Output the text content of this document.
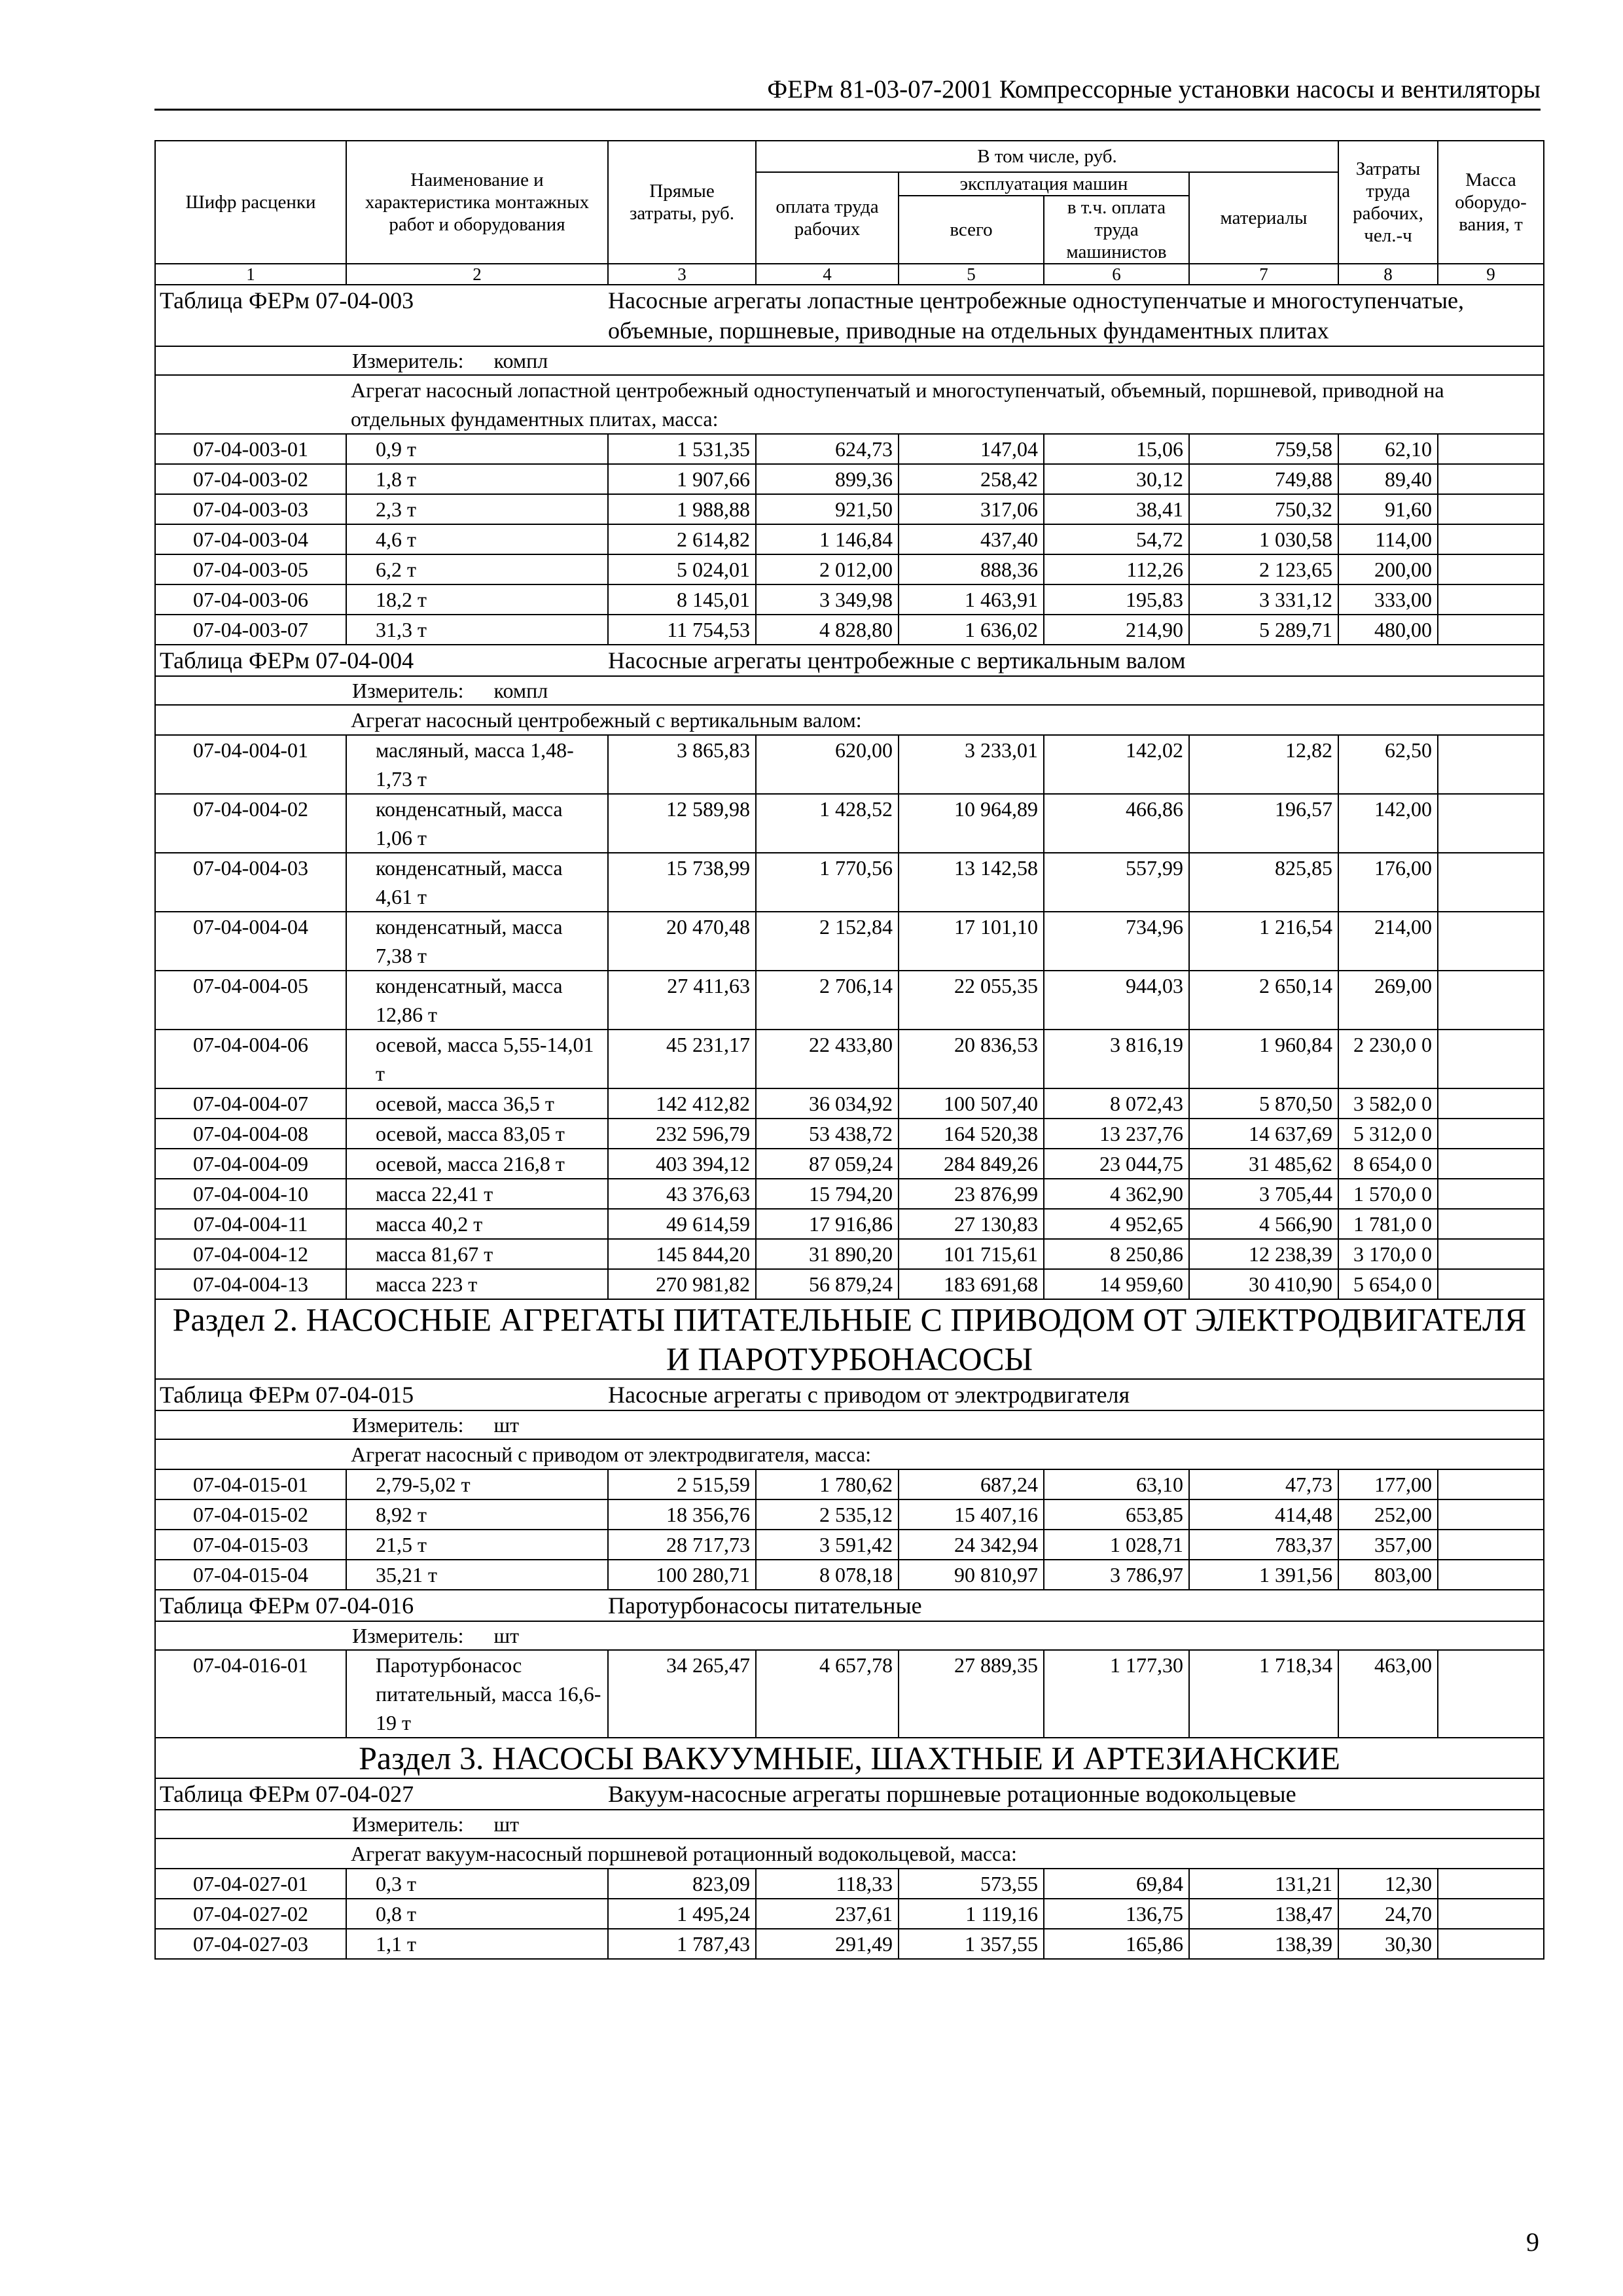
ФЕРм 81-03-07-2001 Компрессорные установки насосы и вентиляторы
Шифр расценки	Наименование и характеристика монтажных работ и оборудования	Прямые затраты, руб.	В том числе, руб.				Затраты труда рабочих, чел.-ч	Масса оборудо-вания, т
			оплата труда рабочих	эксплуатация машин		материалы		
				всего	в т.ч. оплата труда машинистов			

1	2	3	4	5	6	7	8	9
Таблица ФЕРм 07-04-003		Насосные агрегаты лопастные центробежные одноступенчатые и многоступенчатые, объемные, поршневые, приводные на отдельных фундаментных плитах						
Измеритель: компл								
Агрегат насосный лопастной центробежный одноступенчатый и многоступенчатый, объемный, поршневой, приводной на отдельных фундаментных плитах, масса:								
07-04-003-01	0,9 т	1 531,35	624,73	147,04	15,06	759,58	62,10	
07-04-003-02	1,8 т	1 907,66	899,36	258,42	30,12	749,88	89,40	
07-04-003-03	2,3 т	1 988,88	921,50	317,06	38,41	750,32	91,60	
07-04-003-04	4,6 т	2 614,82	1 146,84	437,40	54,72	1 030,58	114,00	
07-04-003-05	6,2 т	5 024,01	2 012,00	888,36	112,26	2 123,65	200,00	
07-04-003-06	18,2 т	8 145,01	3 349,98	1 463,91	195,83	3 331,12	333,00	
07-04-003-07	31,3 т	11 754,53	4 828,80	1 636,02	214,90	5 289,71	480,00	
Таблица ФЕРм 07-04-004		Насосные агрегаты центробежные с вертикальным валом						
Измеритель: компл								
Агрегат насосный центробежный с вертикальным валом:								
07-04-004-01	масляный, масса 1,48-1,73 т	3 865,83	620,00	3 233,01	142,02	12,82	62,50	
07-04-004-02	конденсатный, масса 1,06 т	12 589,98	1 428,52	10 964,89	466,86	196,57	142,00	
07-04-004-03	конденсатный, масса 4,61 т	15 738,99	1 770,56	13 142,58	557,99	825,85	176,00	
07-04-004-04	конденсатный, масса 7,38 т	20 470,48	2 152,84	17 101,10	734,96	1 216,54	214,00	
07-04-004-05	конденсатный, масса 12,86 т	27 411,63	2 706,14	22 055,35	944,03	2 650,14	269,00	
07-04-004-06	осевой, масса 5,55-14,01 т	45 231,17	22 433,80	20 836,53	3 816,19	1 960,84	2 230,0 0	
07-04-004-07	осевой, масса 36,5 т	142 412,82	36 034,92	100 507,40	8 072,43	5 870,50	3 582,0 0	
07-04-004-08	осевой, масса 83,05 т	232 596,79	53 438,72	164 520,38	13 237,76	14 637,69	5 312,0 0	
07-04-004-09	осевой, масса 216,8 т	403 394,12	87 059,24	284 849,26	23 044,75	31 485,62	8 654,0 0	
07-04-004-10	масса 22,41 т	43 376,63	15 794,20	23 876,99	4 362,90	3 705,44	1 570,0 0	
07-04-004-11	масса 40,2 т	49 614,59	17 916,86	27 130,83	4 952,65	4 566,90	1 781,0 0	
07-04-004-12	масса 81,67 т	145 844,20	31 890,20	101 715,61	8 250,86	12 238,39	3 170,0 0	
07-04-004-13	масса 223 т	270 981,82	56 879,24	183 691,68	14 959,60	30 410,90	5 654,0 0	
Раздел 2. НАСОСНЫЕ АГРЕГАТЫ ПИТАТЕЛЬНЫЕ С ПРИВОДОМ ОТ ЭЛЕКТРОДВИГАТЕЛЯ И ПАРОТУРБОНАСОСЫ								
Таблица ФЕРм 07-04-015		Насосные агрегаты с приводом от электродвигателя						
Измеритель: шт								
Агрегат насосный с приводом от электродвигателя, масса:								
07-04-015-01	2,79-5,02 т	2 515,59	1 780,62	687,24	63,10	47,73	177,00	
07-04-015-02	8,92 т	18 356,76	2 535,12	15 407,16	653,85	414,48	252,00	
07-04-015-03	21,5 т	28 717,73	3 591,42	24 342,94	1 028,71	783,37	357,00	
07-04-015-04	35,21 т	100 280,71	8 078,18	90 810,97	3 786,97	1 391,56	803,00	
Таблица ФЕРм 07-04-016		Паротурбонасосы питательные						
Измеритель: шт								
07-04-016-01	Паротурбонасос питательный, масса 16,6-19 т	34 265,47	4 657,78	27 889,35	1 177,30	1 718,34	463,00	
Раздел 3. НАСОСЫ ВАКУУМНЫЕ, ШАХТНЫЕ И АРТЕЗИАНСКИЕ								
Таблица ФЕРм 07-04-027		Вакуум-насосные агрегаты поршневые ротационные водокольцевые						
Измеритель: шт								
Агрегат вакуум-насосный поршневой ротационный водокольцевой, масса:								
07-04-027-01	0,3 т	823,09	118,33	573,55	69,84	131,21	12,30	
07-04-027-02	0,8 т	1 495,24	237,61	1 119,16	136,75	138,47	24,70	
07-04-027-03	1,1 т	1 787,43	291,49	1 357,55	165,86	138,39	30,30	
9
